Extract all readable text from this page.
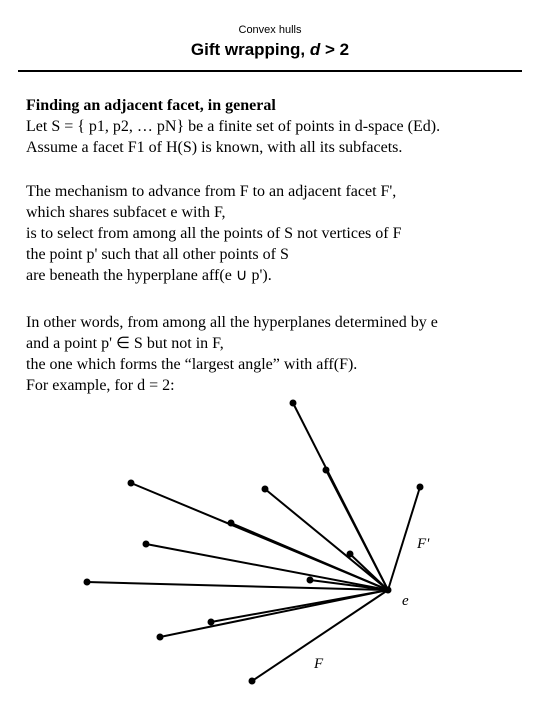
Convex hulls
Gift wrapping, d > 2
Finding an adjacent facet, in general
Let S = { p1, p2, … pN} be a finite set of points in d-space (Ed).
Assume a facet F1 of H(S) is known, with all its subfacets.
The mechanism to advance from F to an adjacent facet F',
which shares subfacet e with F,
is to select from among all the points of S not vertices of F
the point p' such that all other points of S
are beneath the hyperplane aff(e ∪ p').
In other words, from among all the hyperplanes determined by e
and a point p' ∈ S but not in F,
the one which forms the “largest angle” with aff(F).
For example, for d = 2:
F'
e
F
